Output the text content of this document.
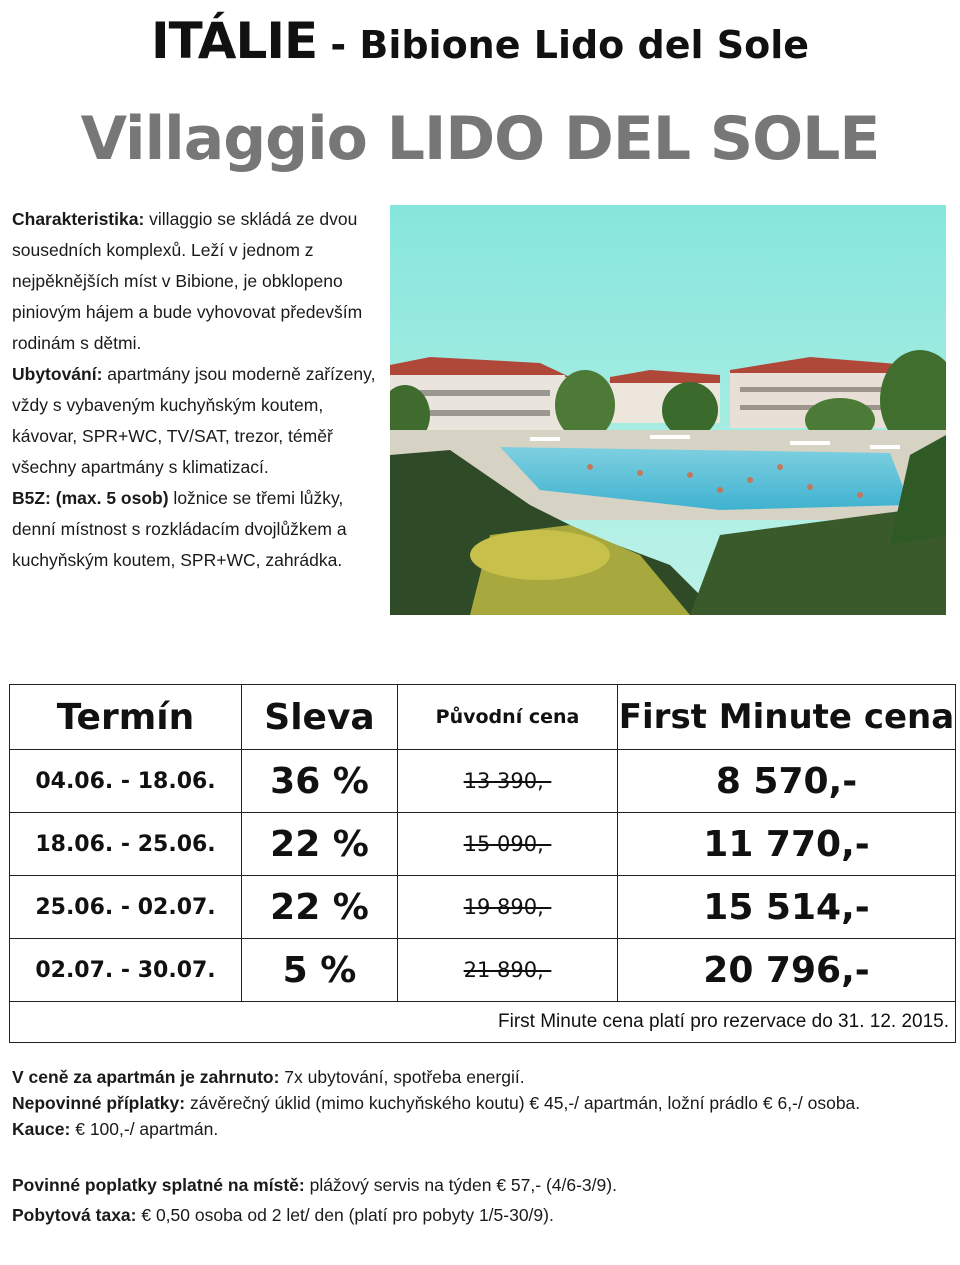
ITÁLIE - Bibione Lido del Sole
Villaggio LIDO DEL SOLE
Charakteristika: villaggio se skládá ze dvou sousedních komplexů. Leží v jednom z nejpěknějších míst v Bibione, je obklopeno piniovým hájem a bude vyhovovat především rodinám s dětmi.
Ubytování: apartmány jsou moderně zařízeny, vždy s vybaveným kuchyňským koutem, kávovar, SPR+WC, TV/SAT, trezor, téměř všechny apartmány s klimatizací.
B5Z: (max. 5 osob) ložnice se třemi lůžky, denní místnost s rozkládacím dvojlůžkem a kuchyňským koutem, SPR+WC, zahrádka.
Termín	Sleva	Původní cena	First Minute cena
04.06. - 18.06.	36 %	13 390,-	8 570,-
18.06. - 25.06.	22 %	15 090,-	11 770,-
25.06. - 02.07.	22 %	19 890,-	15 514,-
02.07. - 30.07.	5 %	21 890,-	20 796,-
First Minute cena platí pro rezervace do 31. 12. 2015.			
V ceně za apartmán je zahrnuto: 7x ubytování, spotřeba energií.
Nepovinné příplatky: závěrečný úklid (mimo kuchyňského koutu) € 45,-/ apartmán, ložní prádlo € 6,-/ osoba.
Kauce: € 100,-/ apartmán.
Povinné poplatky splatné na místě: plážový servis na týden € 57,- (4/6-3/9).
Pobytová taxa: € 0,50 osoba od 2 let/ den (platí pro pobyty 1/5-30/9).
